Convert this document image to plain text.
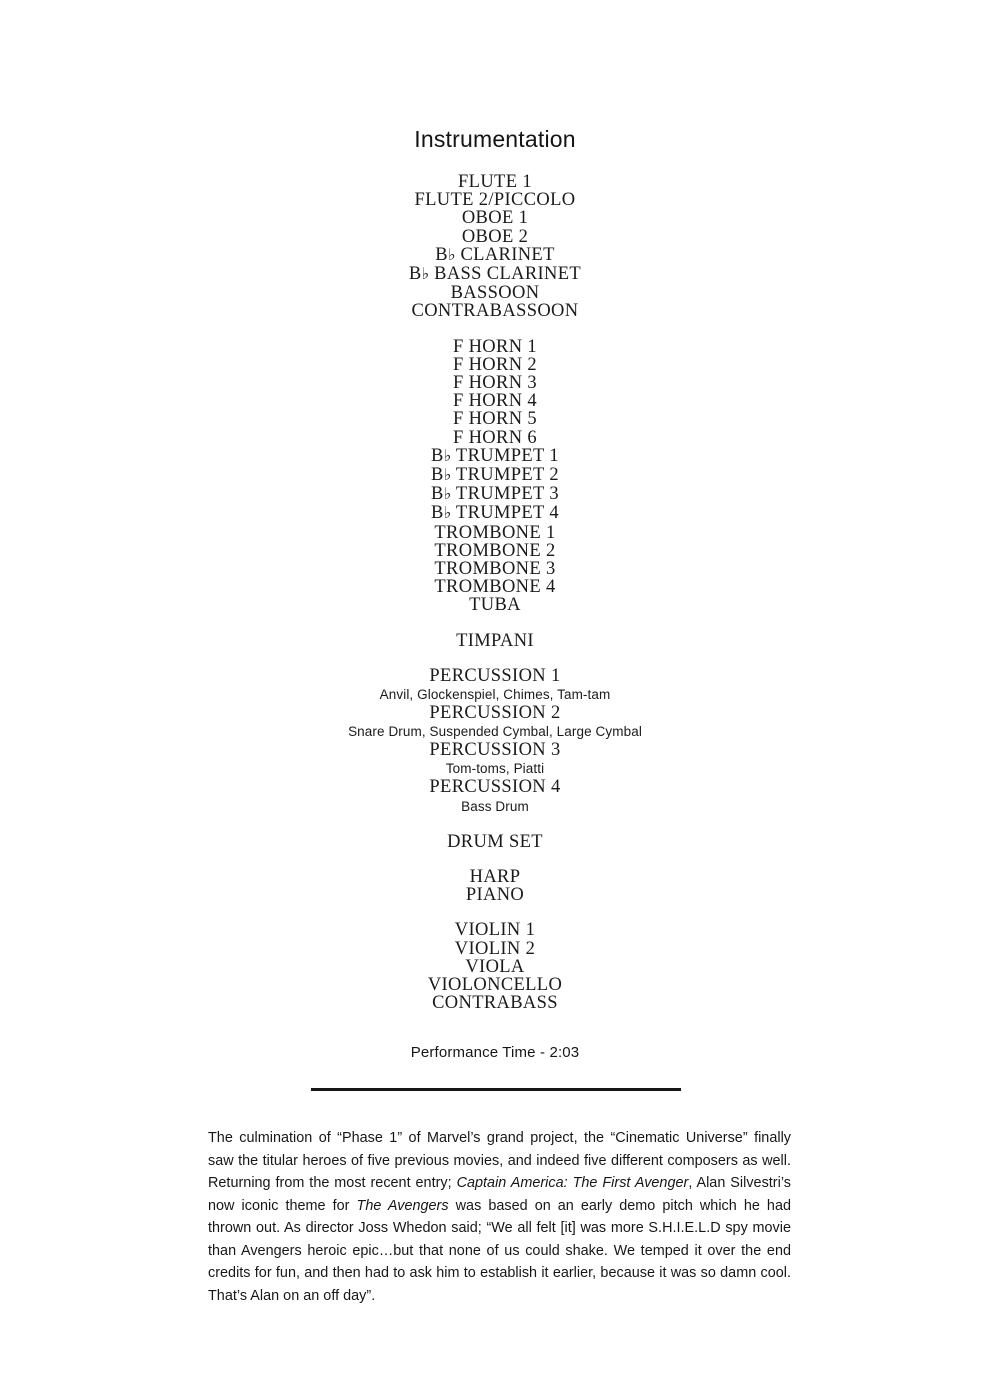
Instrumentation
FLUTE 1
FLUTE 2/PICCOLO
OBOE 1
OBOE 2
B♭ CLARINET
B♭ BASS CLARINET
BASSOON
CONTRABASSOON
F HORN 1
F HORN 2
F HORN 3
F HORN 4
F HORN 5
F HORN 6
B♭ TRUMPET 1
B♭ TRUMPET 2
B♭ TRUMPET 3
B♭ TRUMPET 4
TROMBONE 1
TROMBONE 2
TROMBONE 3
TROMBONE 4
TUBA
TIMPANI
PERCUSSION 1
Anvil, Glockenspiel, Chimes, Tam-tam
PERCUSSION 2
Snare Drum, Suspended Cymbal, Large Cymbal
PERCUSSION 3
Tom-toms, Piatti
PERCUSSION 4
Bass Drum
DRUM SET
HARP
PIANO
VIOLIN 1
VIOLIN 2
VIOLA
VIOLONCELLO
CONTRABASS
Performance Time - 2:03
The culmination of “Phase 1” of Marvel’s grand project, the “Cinematic Universe” finally saw the titular heroes of five previous movies, and indeed five different composers as well. Returning from the most recent entry; Captain America: The First Avenger, Alan Silvestri’s now iconic theme for The Avengers was based on an early demo pitch which he had thrown out. As director Joss Whedon said; “We all felt [it] was more S.H.I.E.L.D spy movie than Avengers heroic epic…but that none of us could shake. We temped it over the end credits for fun, and then had to ask him to establish it earlier, because it was so damn cool. That’s Alan on an off day”.
